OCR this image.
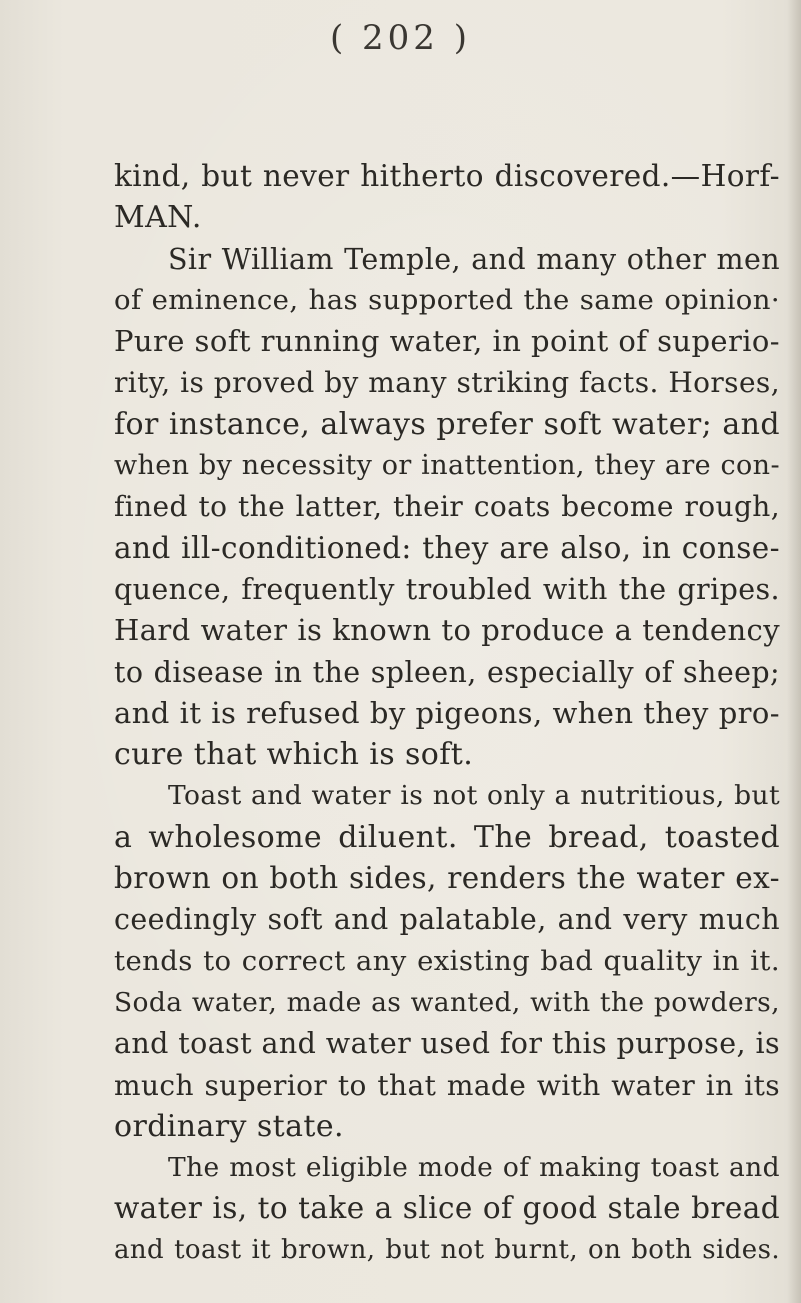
( 202 )
kind, but never hitherto discovered.—Horf-
MAN.
Sir William Temple, and many other men
of eminence, has supported the same opinion·
Pure soft running water, in point of superio-
rity, is proved by many striking facts. Horses,
for instance, always prefer soft water; and
when by necessity or inattention, they are con-
fined to the latter, their coats become rough,
and ill-conditioned: they are also, in conse-
quence, frequently troubled with the gripes.
Hard water is known to produce a tendency
to disease in the spleen, especially of sheep;
and it is refused by pigeons, when they pro-
cure that which is soft.
Toast and water is not only a nutritious, but
a wholesome diluent. The bread, toasted
brown on both sides, renders the water ex-
ceedingly soft and palatable, and very much
tends to correct any existing bad quality in it.
Soda water, made as wanted, with the powders,
and toast and water used for this purpose, is
much superior to that made with water in its
ordinary state.
The most eligible mode of making toast and
water is, to take a slice of good stale bread
and toast it brown, but not burnt, on both sides.
